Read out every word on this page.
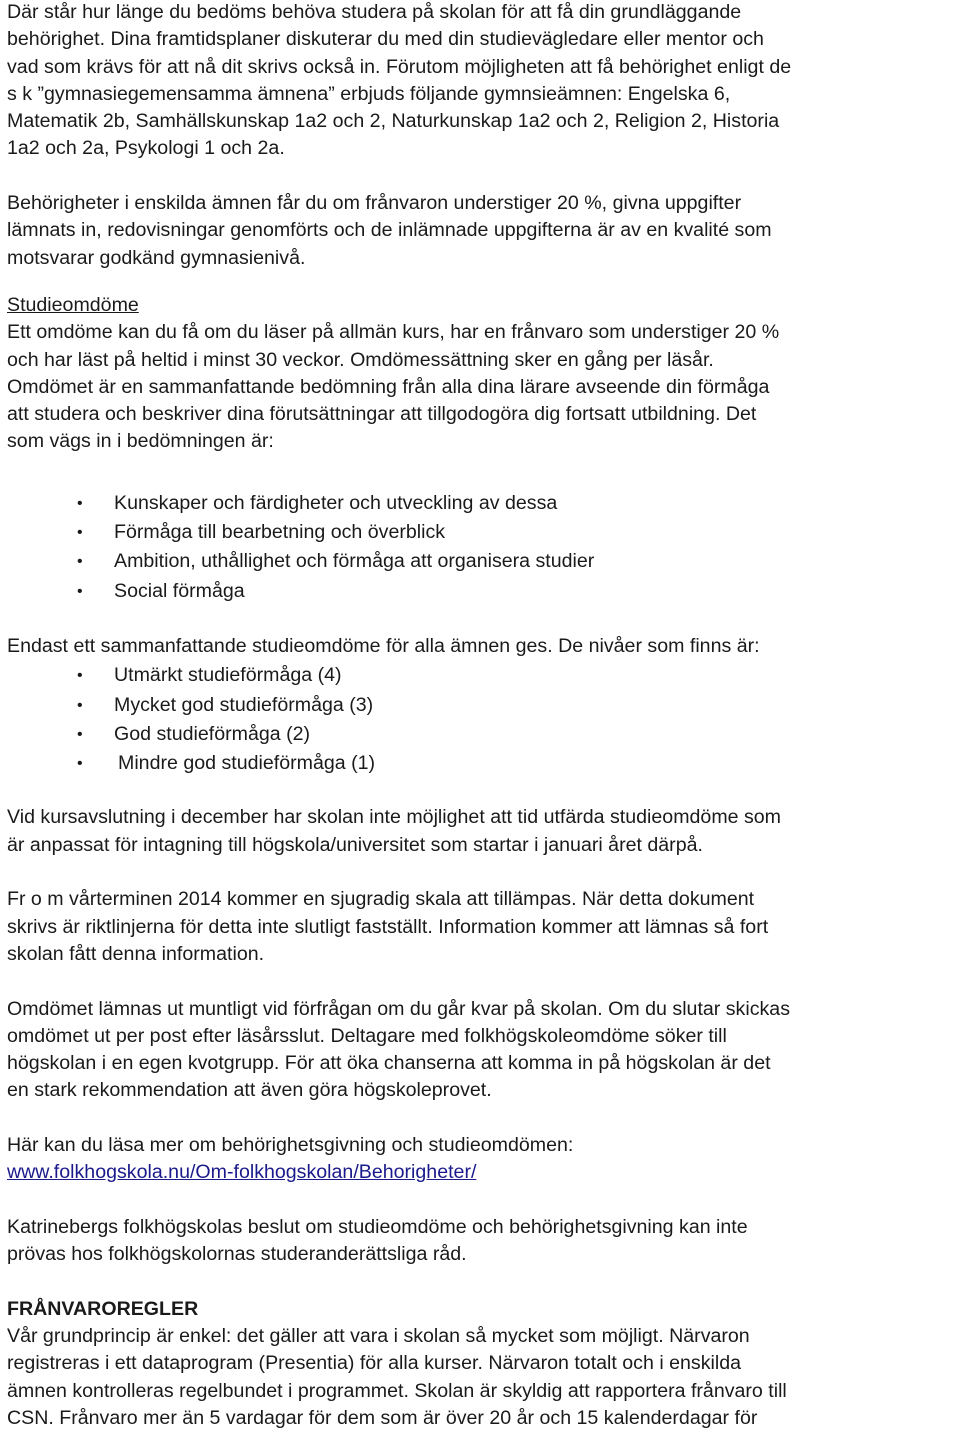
Där står hur länge du bedöms behöva studera på skolan för att få din grundläggande
behörighet. Dina framtidsplaner diskuterar du med din studievägledare eller mentor och
vad som krävs för att nå dit skrivs också in. Förutom möjligheten att få behörighet enligt de
s k ”gymnasiegemensamma ämnena” erbjuds följande gymnsieämnen: Engelska 6,
Matematik 2b, Samhällskunskap 1a2 och 2, Naturkunskap 1a2 och 2, Religion 2, Historia
1a2 och 2a, Psykologi 1 och 2a.
Behörigheter i enskilda ämnen får du om frånvaron understiger 20 %, givna uppgifter
lämnats in, redovisningar genomförts och de inlämnade uppgifterna är av en kvalité som
motsvarar godkänd gymnasienivå.
Studieomdöme
Ett omdöme kan du få om du läser på allmän kurs, har en frånvaro som understiger 20 %
och har läst på heltid i minst 30 veckor. Omdömessättning sker en gång per läsår.
Omdömet är en sammanfattande bedömning från alla dina lärare avseende din förmåga
att studera och beskriver dina förutsättningar att tillgodogöra dig fortsatt utbildning. Det
som vägs in i bedömningen är:
• Kunskaper och färdigheter och utveckling av dessa
• Förmåga till bearbetning och överblick
• Ambition, uthållighet och förmåga att organisera studier
• Social förmåga
Endast ett sammanfattande studieomdöme för alla ämnen ges. De nivåer som finns är:
• Utmärkt studieförmåga (4)
• Mycket god studieförmåga (3)
• God studieförmåga (2)
• Mindre god studieförmåga (1)
Vid kursavslutning i december har skolan inte möjlighet att tid utfärda studieomdöme som
är anpassat för intagning till högskola/universitet som startar i januari året därpå.
Fr o m vårterminen 2014 kommer en sjugradig skala att tillämpas. När detta dokument
skrivs är riktlinjerna för detta inte slutligt fastställt. Information kommer att lämnas så fort
skolan fått denna information.
Omdömet lämnas ut muntligt vid förfrågan om du går kvar på skolan. Om du slutar skickas
omdömet ut per post efter läsårsslut. Deltagare med folkhögskoleomdöme söker till
högskolan i en egen kvotgrupp. För att öka chanserna att komma in på högskolan är det
en stark rekommendation att även göra högskoleprovet.
Här kan du läsa mer om behörighetsgivning och studieomdömen:
www.folkhogskola.nu/Om-folkhogskolan/Behorigheter/
Katrinebergs folkhögskolas beslut om studieomdöme och behörighetsgivning kan inte
prövas hos folkhögskolornas studeranderättsliga råd.
FRÅNVAROREGLER
Vår grundprincip är enkel: det gäller att vara i skolan så mycket som möjligt. Närvaron
registreras i ett dataprogram (Presentia) för alla kurser. Närvaron totalt och i enskilda
ämnen kontrolleras regelbundet i programmet. Skolan är skyldig att rapportera frånvaro till
CSN. Frånvaro mer än 5 vardagar för dem som är över 20 år och 15 kalenderdagar för
